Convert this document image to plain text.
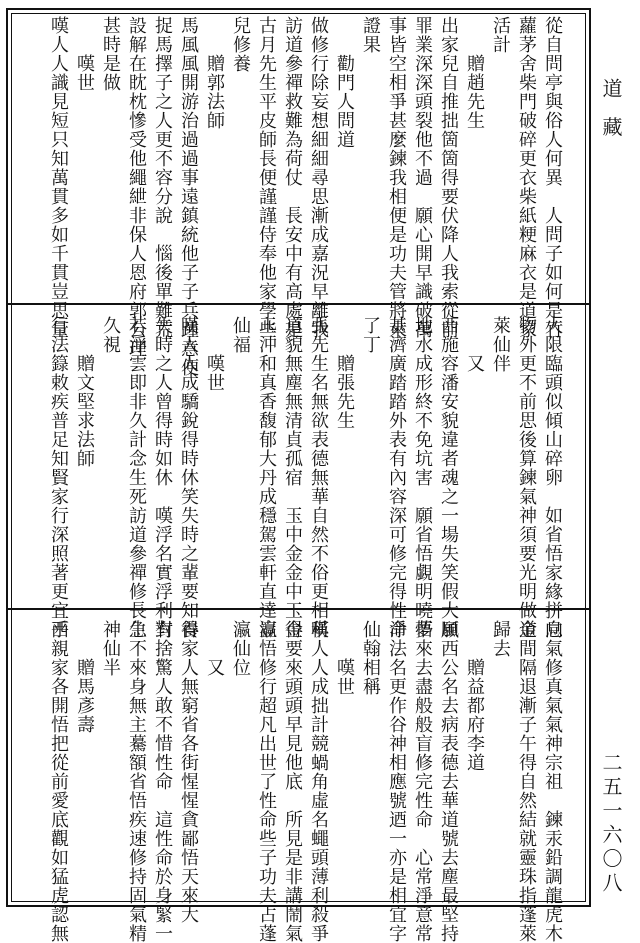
道 藏
二五一六〇八
從自問亭與俗人何異　人問子如何是竹
蘿茅舍柴門破碎更衣柴紙粳麻衣是道家
活計
　　贈趙先生
出家兒自推拙箇箇得要伏降人我索從前
罪業深深頭裂他不過　願心開早識破萬
事皆空相爭甚麼鍊我相便是功夫管將來
證果
　　勸門人問道
做修行除妄想細細尋思漸成嘉況早離我
訪道參禪救難為荷仗　長安中有高處是
古月先生平皮師長便謹謹侍奉他家學些
兒修養
　　贈郭法師
馬風風開游治過過事遠鎮統他子子兵踵意便
捉馬擇子之人更不容分說　惱後單難荒
設解在眈枕慘受他繩紲非保人恩府郭公理
甚時是做
　　嘆世
嘆人人識見短只知萬貫多如千貫豈思量
大限臨頭似傾山碎卵　如省悟家緣拼向
物外更不前思後算鍊氣神須要光明做道
萊仙伴
　　又
西施容潘安貌違者魂之一場失笑假大風
地水成形終不免坑害　願省悟覷明曉夢
甚濟廣踏踏外表有內容深可修完得性命
了丁
　　贈張先生
張先生名無欲表德無華自然不俗更相稱
道貌無塵無清貞孤宿　玉中金金中玉金
玉沖和真香馥郁大丹成穩駕雲軒直達瀛
仙福
　　嘆世
嘆人人成驕銳得時休笑失時之輩要知得
失時之人曾得時如休　嘆浮名實浮利有
若浮雲即非久計念生死訪道參禪修長生
久視
　　贈文堅求法師
行法籙敕疾普足知賢家行深照著更宜乎
息氣修真氣氣神宗祖　鍊汞鉛調龍虎木
金間隔退漸子午得自然結就靈珠指蓬萊
歸去
　　贈益都府李道
願西公名去病表德去華道號去塵最堅持
悟來去盡般般盲修完性命　心常淨意常
淨法名更作谷神相應號迺一亦是相宜字
仙翰相稱
　　嘆世
嘆人人成拙計競蝸角虛名蠅頭薄利殺爭
得要來頭頭早見他底　所見是非講鬧氣
豈悟修行超凡出世了性命些子功夫占蓬
瀛仙位
　　又
養家人無窮省各街惺惺貪鄙悟天來大
對捨驚人敢不惜性命　這性命於身緊一
急不來身無主驀額省悟疾速修持固氣精
神仙半
　　贈馬彥壽
西親家各開悟把從前愛底觀如猛虎認無
